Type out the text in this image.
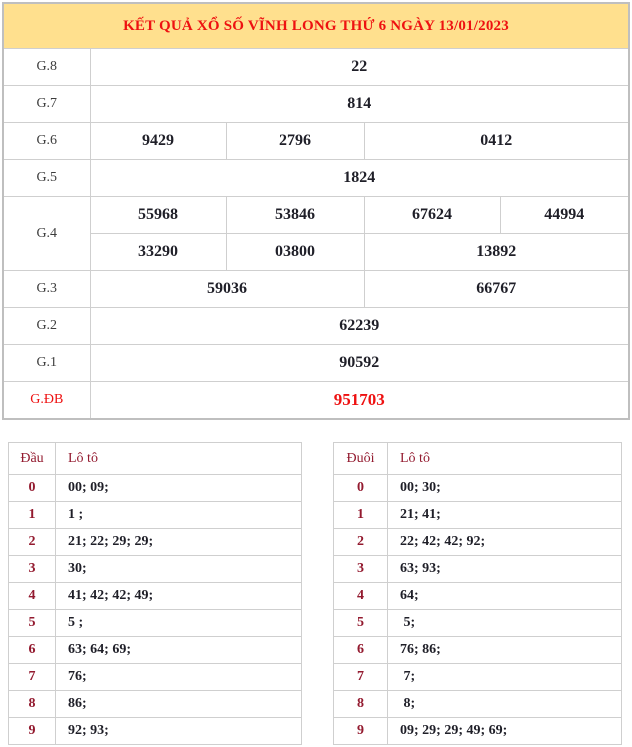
KẾT QUẢ XỔ SỐ VĨNH LONG THỨ 6 NGÀY 13/01/2023				
G.8	22			
G.7	814			
G.6	9429	2796	0412	
G.5	1824			
G.4	55968	53846	67624	44994
	33290	03800	13892	
G.3	59036		66767	
G.2	62239			
G.1	90592			
G.ĐB	951703			
Đầu	Lô tô
0	00; 09;
1	1 ;
2	21; 22; 29; 29;
3	30;
4	41; 42; 42; 49;
5	5 ;
6	63; 64; 69;
7	76;
8	86;
9	92; 93;
Đuôi	Lô tô
0	00; 30;
1	21; 41;
2	22; 42; 42; 92;
3	63; 93;
4	64;
5	5;
6	76; 86;
7	7;
8	8;
9	09; 29; 29; 49; 69;
